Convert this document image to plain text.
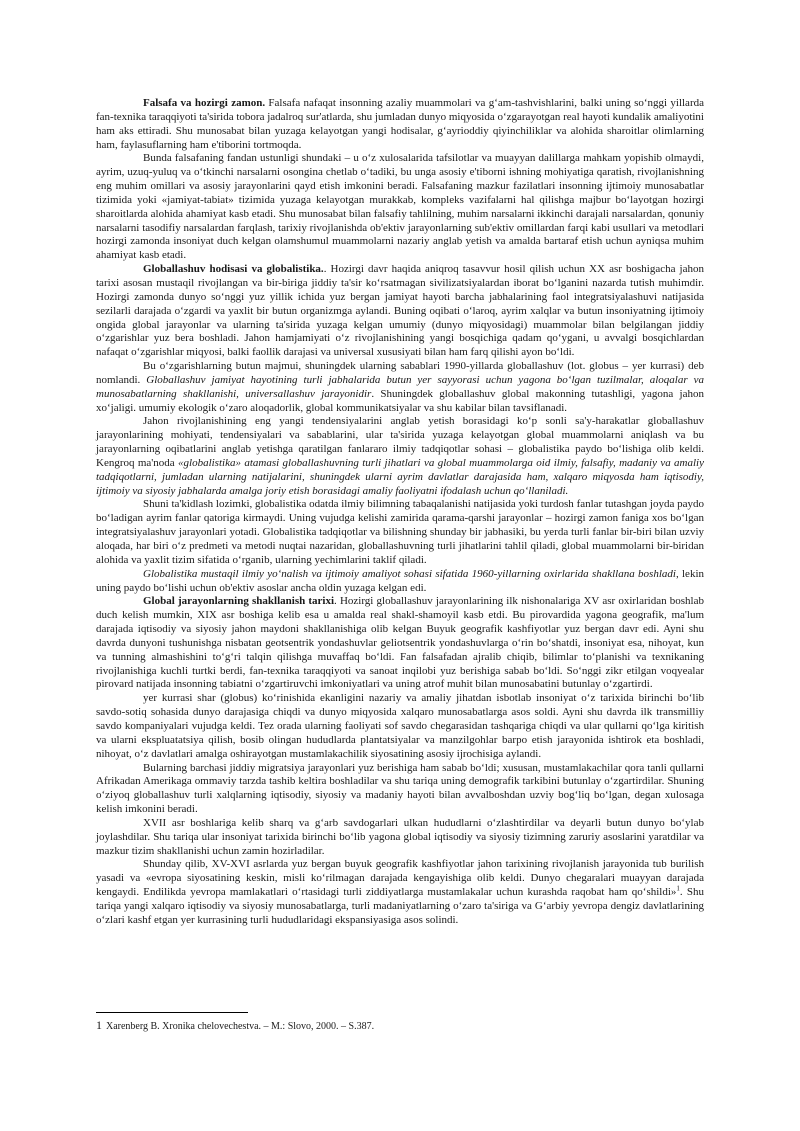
Falsafa va hozirgi zamon. Falsafa nafaqat insonning azaliy muammolari va g‘am-tashvishlarini, balki uning so‘nggi yillarda fan-texnika taraqqiyoti ta'sirida tobora jadalroq sur'atlarda, shu jumladan dunyo miqyosida o‘zgarayotgan real hayoti kundalik amaliyotini ham aks ettiradi. Shu munosabat bilan yuzaga kelayotgan yangi hodisalar, g‘ayrioddiy qiyinchiliklar va alohida sharoitlar olimlarning ham, faylasuflarning ham e'tiborini tortmoqda.

Bunda falsafaning fandan ustunligi shundaki – u o‘z xulosalarida tafsilotlar va muayyan dalillarga mahkam yopishib olmaydi, ayrim, uzuq-yuluq va o‘tkinchi narsalarni osongina chetlab o‘tadiki, bu unga asosiy e'tiborni ishning mohiyatiga qaratish, rivojlanishning eng muhim omillari va asosiy jarayonlarini qayd etish imkonini beradi. Falsafaning mazkur fazilatlari insonning ijtimoiy munosabatlar tizimida yoki «jamiyat-tabiat» tizimida yuzaga kelayotgan murakkab, kompleks vazifalarni hal qilishga majbur bo‘layotgan hozirgi sharoitlarda alohida ahamiyat kasb etadi. Shu munosabat bilan falsafiy tahlilning, muhim narsalarni ikkinchi darajali narsalardan, qonuniy narsalarni tasodifiy narsalardan farqlash, tarixiy rivojlanishda ob'ektiv jarayonlarning sub'ektiv omillardan farqi kabi usullari va metodlari hozirgi zamonda insoniyat duch kelgan olamshumul muammolarni nazariy anglab yetish va amalda bartaraf etish uchun ayniqsa muhim ahamiyat kasb etadi.

Globallashuv hodisasi va globalistika.. Hozirgi davr haqida aniqroq tasavvur hosil qilish uchun XX asr boshigacha jahon tarixi asosan mustaqil rivojlangan va bir-biriga jiddiy ta'sir ko‘rsatmagan sivilizatsiyalardan iborat bo‘lganini nazarda tutish muhimdir. Hozirgi zamonda dunyo so‘nggi yuz yillik ichida yuz bergan jamiyat hayoti barcha jabhalarining faol integratsiyalashuvi natijasida sezilarli darajada o‘zgardi va yaxlit bir butun organizmga aylandi. Buning oqibati o‘laroq, ayrim xalqlar va butun insoniyatning ijtimoiy ongida global jarayonlar va ularning ta'sirida yuzaga kelgan umumiy (dunyo miqyosidagi) muammolar bilan belgilangan jiddiy o‘zgarishlar yuz bera boshladi. Jahon hamjamiyati o‘z rivojlanishining yangi bosqichiga qadam qo‘ygani, u avvalgi bosqichlardan nafaqat o‘zgarishlar miqyosi, balki faollik darajasi va universal xususiyati bilan ham farq qilishi ayon bo‘ldi.

Bu o‘zgarishlarning butun majmui, shuningdek ularning sabablari 1990-yillarda globallashuv (lot. globus – yer kurrasi) deb nomlandi. Globallashuv jamiyat hayotining turli jabhalarida butun yer sayyorasi uchun yagona bo‘lgan tuzilmalar, aloqalar va munosabatlarning shakllanishi, universallashuv jarayonidir. Shuningdek globallashuv global makonning tutashligi, yagona jahon xo‘jaligi. umumiy ekologik o‘zaro aloqadorlik, global kommunikatsiyalar va shu kabilar bilan tavsiflanadi.

Jahon rivojlanishining eng yangi tendensiyalarini anglab yetish borasidagi ko‘p sonli sa'y-harakatlar globallashuv jarayonlarining mohiyati, tendensiyalari va sabablarini, ular ta'sirida yuzaga kelayotgan global muammolarni aniqlash va bu jarayonlarning oqibatlarini anglab yetishga qaratilgan fanlararo ilmiy tadqiqotlar sohasi – globalistika paydo bo‘lishiga olib keldi. Kengroq ma'noda «globalistika» atamasi globallashuvning turli jihatlari va global muammolarga oid ilmiy, falsafiy, madaniy va amaliy tadqiqotlarni, jumladan ularning natijalarini, shuningdek ularni ayrim davlatlar darajasida ham, xalqaro miqyosda ham iqtisodiy, ijtimoiy va siyosiy jabhalarda amalga joriy etish borasidagi amaliy faoliyatni ifodalash uchun qo‘llaniladi.

Shuni ta'kidlash lozimki, globalistika odatda ilmiy bilimning tabaqalanishi natijasida yoki turdosh fanlar tutashgan joyda paydo bo‘ladigan ayrim fanlar qatoriga kirmaydi. Uning vujudga kelishi zamirida qarama-qarshi jarayonlar – hozirgi zamon faniga xos bo‘lgan integratsiyalashuv jarayonlari yotadi. Globalistika tadqiqotlar va bilishning shunday bir jabhasiki, bu yerda turli fanlar bir-biri bilan uzviy aloqada, har biri o‘z predmeti va metodi nuqtai nazaridan, globallashuvning turli jihatlarini tahlil qiladi, global muammolarni bir-biridan alohida va yaxlit tizim sifatida o‘rganib, ularning yechimlarini taklif qiladi.

Globalistika mustaqil ilmiy yo‘nalish va ijtimoiy amaliyot sohasi sifatida 1960-yillarning oxirlarida shakllana boshladi, lekin uning paydo bo‘lishi uchun ob'ektiv asoslar ancha oldin yuzaga kelgan edi.

Global jarayonlarning shakllanish tarixi. Hozirgi globallashuv jarayonlarining ilk nishonalariga XV asr oxirlaridan boshlab duch kelish mumkin, XIX asr boshiga kelib esa u amalda real shakl-shamoyil kasb etdi. Bu pirovardida yagona geografik, ma'lum darajada iqtisodiy va siyosiy jahon maydoni shakllanishiga olib kelgan Buyuk geografik kashfiyotlar yuz bergan davr edi. Ayni shu davrda dunyoni tushunishga nisbatan geotsentrik yondashuvlar geliotsentrik yondashuvlarga o‘rin bo‘shatdi, insoniyat esa, nihoyat, kun va tunning almashishini to‘g‘ri talqin qilishga muvaffaq bo‘ldi. Fan falsafadan ajralib chiqib, bilimlar to‘planishi va texnikaning rivojlanishiga kuchli turtki berdi, fan-texnika taraqqiyoti va sanoat inqilobi yuz berishiga sabab bo‘ldi. So‘nggi zikr etilgan voqyealar pirovard natijada insonning tabiatni o‘zgartiruvchi imkoniyatlari va uning atrof muhit bilan munosabatini butunlay o‘zgartirdi.

yer kurrasi shar (globus) ko‘rinishida ekanligini nazariy va amaliy jihatdan isbotlab insoniyat o‘z tarixida birinchi bo‘lib savdo-sotiq sohasida dunyo darajasiga chiqdi va dunyo miqyosida xalqaro munosabatlarga asos soldi. Ayni shu davrda ilk transmilliy savdo kompaniyalari vujudga keldi. Tez orada ularning faoliyati sof savdo chegarasidan tashqariga chiqdi va ular qullarni qo‘lga kiritish va ularni ekspluatatsiya qilish, bosib olingan hududlarda plantatsiyalar va manzilgohlar barpo etish jarayonida ishtirok eta boshladi, nihoyat, o‘z davlatlari amalga oshirayotgan mustamlakachilik siyosatining asosiy ijrochisiga aylandi.

Bularning barchasi jiddiy migratsiya jarayonlari yuz berishiga ham sabab bo‘ldi; xususan, mustamlakachilar qora tanli qullarni Afrikadan Amerikaga ommaviy tarzda tashib keltira boshladilar va shu tariqa uning demografik tarkibini butunlay o‘zgartirdilar. Shuning o‘ziyoq globallashuv turli xalqlarning iqtisodiy, siyosiy va madaniy hayoti bilan avvalboshdan uzviy bog‘liq bo‘lgan, degan xulosaga kelish imkonini beradi.

XVII asr boshlariga kelib sharq va g‘arb savdogarlari ulkan hududlarni o‘zlashtirdilar va deyarli butun dunyo bo‘ylab joylashdilar. Shu tariqa ular insoniyat tarixida birinchi bo‘lib yagona global iqtisodiy va siyosiy tizimning zaruriy asoslarini yaratdilar va mazkur tizim shakllanishi uchun zamin hozirladilar.

Shunday qilib, XV-XVI asrlarda yuz bergan buyuk geografik kashfiyotlar jahon tarixining rivojlanish jarayonida tub burilish yasadi va «evropa siyosatining keskin, misli ko‘rilmagan darajada kengayishiga olib keldi. Dunyo chegaralari muayyan darajada kengaydi. Endilikda yevropa mamlakatlari o‘rtasidagi turli ziddiyatlarga mustamlakalar uchun kurashda raqobat ham qo‘shildi»$^1$. Shu tariqa yangi xalqaro iqtisodiy va siyosiy munosabatlarga, turli madaniyatlarning o‘zaro ta'siriga va G‘arbiy yevropa dengiz davlatlarining o‘zlari kashf etgan yer kurrasining turli hududlaridagi ekspansiyasiga asos solindi.

1 Xarenberg B. Xronika chelovechestva. – M.: Slovo, 2000. – S.387.
